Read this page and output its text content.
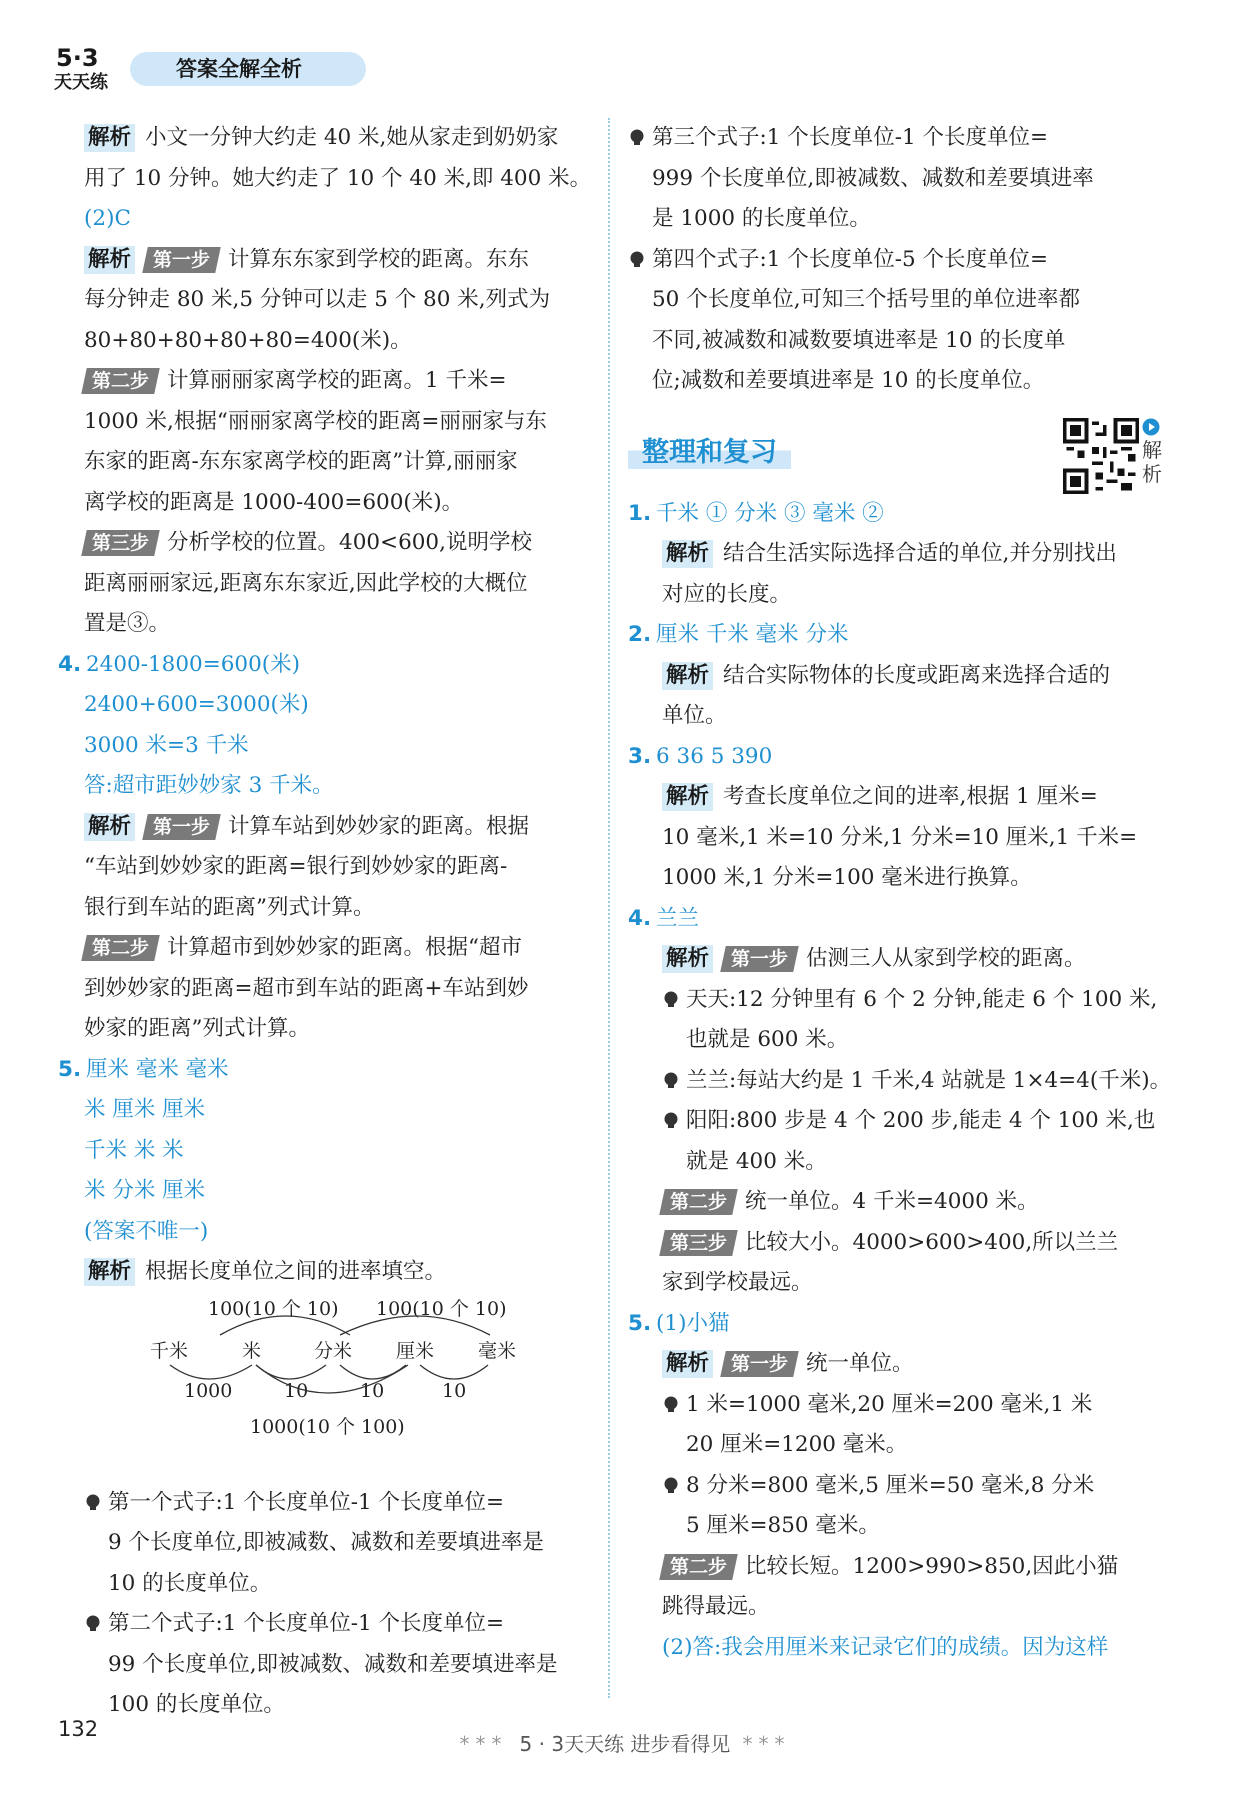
5·3
天天练
答案全解全析
解析 小文一分钟大约走 40 米,她从家走到奶奶家
用了 10 分钟。她大约走了 10 个 40 米,即 400 米。
(2)C
解析 第一步 计算东东家到学校的距离。东东
每分钟走 80 米,5 分钟可以走 5 个 80 米,列式为
80+80+80+80+80=400(米)。
第二步 计算丽丽家离学校的距离。1 千米=
1000 米,根据“丽丽家离学校的距离=丽丽家与东
东家的距离-东东家离学校的距离”计算,丽丽家
离学校的距离是 1000-400=600(米)。
第三步 分析学校的位置。400<600,说明学校
距离丽丽家远,距离东东家近,因此学校的大概位
置是③。
4. 2400-1800=600(米)
2400+600=3000(米)
3000 米=3 千米
答:超市距妙妙家 3 千米。
解析 第一步 计算车站到妙妙家的距离。根据
“车站到妙妙家的距离=银行到妙妙家的距离-
银行到车站的距离”列式计算。
第二步 计算超市到妙妙家的距离。根据“超市
到妙妙家的距离=超市到车站的距离+车站到妙
妙家的距离”列式计算。
5. 厘米 毫米 毫米
米 厘米 厘米
千米 米 米
米 分米 厘米
(答案不唯一)
解析 根据长度单位之间的进率填空。
100(10 个 10) 100(10 个 10)
千米	米	分米 厘米 毫米
1000	10	10	10
1000(10 个 100)
第一个式子:1 个长度单位-1 个长度单位=
9 个长度单位,即被减数、减数和差要填进率是
10 的长度单位。
第二个式子:1 个长度单位-1 个长度单位=
99 个长度单位,即被减数、减数和差要填进率是
100 的长度单位。
第三个式子:1 个长度单位-1 个长度单位=
999 个长度单位,即被减数、减数和差要填进率
是 1000 的长度单位。
第四个式子:1 个长度单位-5 个长度单位=
50 个长度单位,可知三个括号里的单位进率都
不同,被减数和减数要填进率是 10 的长度单
位;减数和差要填进率是 10 的长度单位。
整理和复习
1. 千米 ① 分米 ③ 毫米 ②
解析 结合生活实际选择合适的单位,并分别找出
对应的长度。
2. 厘米 千米 毫米 分米
解析 结合实际物体的长度或距离来选择合适的
单位。
3. 6 36 5 390
解析 考查长度单位之间的进率,根据 1 厘米=
10 毫米,1 米=10 分米,1 分米=10 厘米,1 千米=
1000 米,1 分米=100 毫米进行换算。
4. 兰兰
解析 第一步 估测三人从家到学校的距离。
天天:12 分钟里有 6 个 2 分钟,能走 6 个 100 米,
也就是 600 米。
兰兰:每站大约是 1 千米,4 站就是 1×4=4(千米)。
阳阳:800 步是 4 个 200 步,能走 4 个 100 米,也
就是 400 米。
第二步 统一单位。4 千米=4000 米。
第三步 比较大小。4000>600>400,所以兰兰
家到学校最远。
5. (1)小猫
解析 第一步 统一单位。
1 米=1000 毫米,20 厘米=200 毫米,1 米
20 厘米=1200 毫米。
8 分米=800 毫米,5 厘米=50 毫米,8 分米
5 厘米=850 毫米。
第二步 比较长短。1200>990>850,因此小猫
跳得最远。
(2)答:我会用厘米来记录它们的成绩。因为这样
解
析
132
*** 5 · 3天天练 进步看得见 ***
